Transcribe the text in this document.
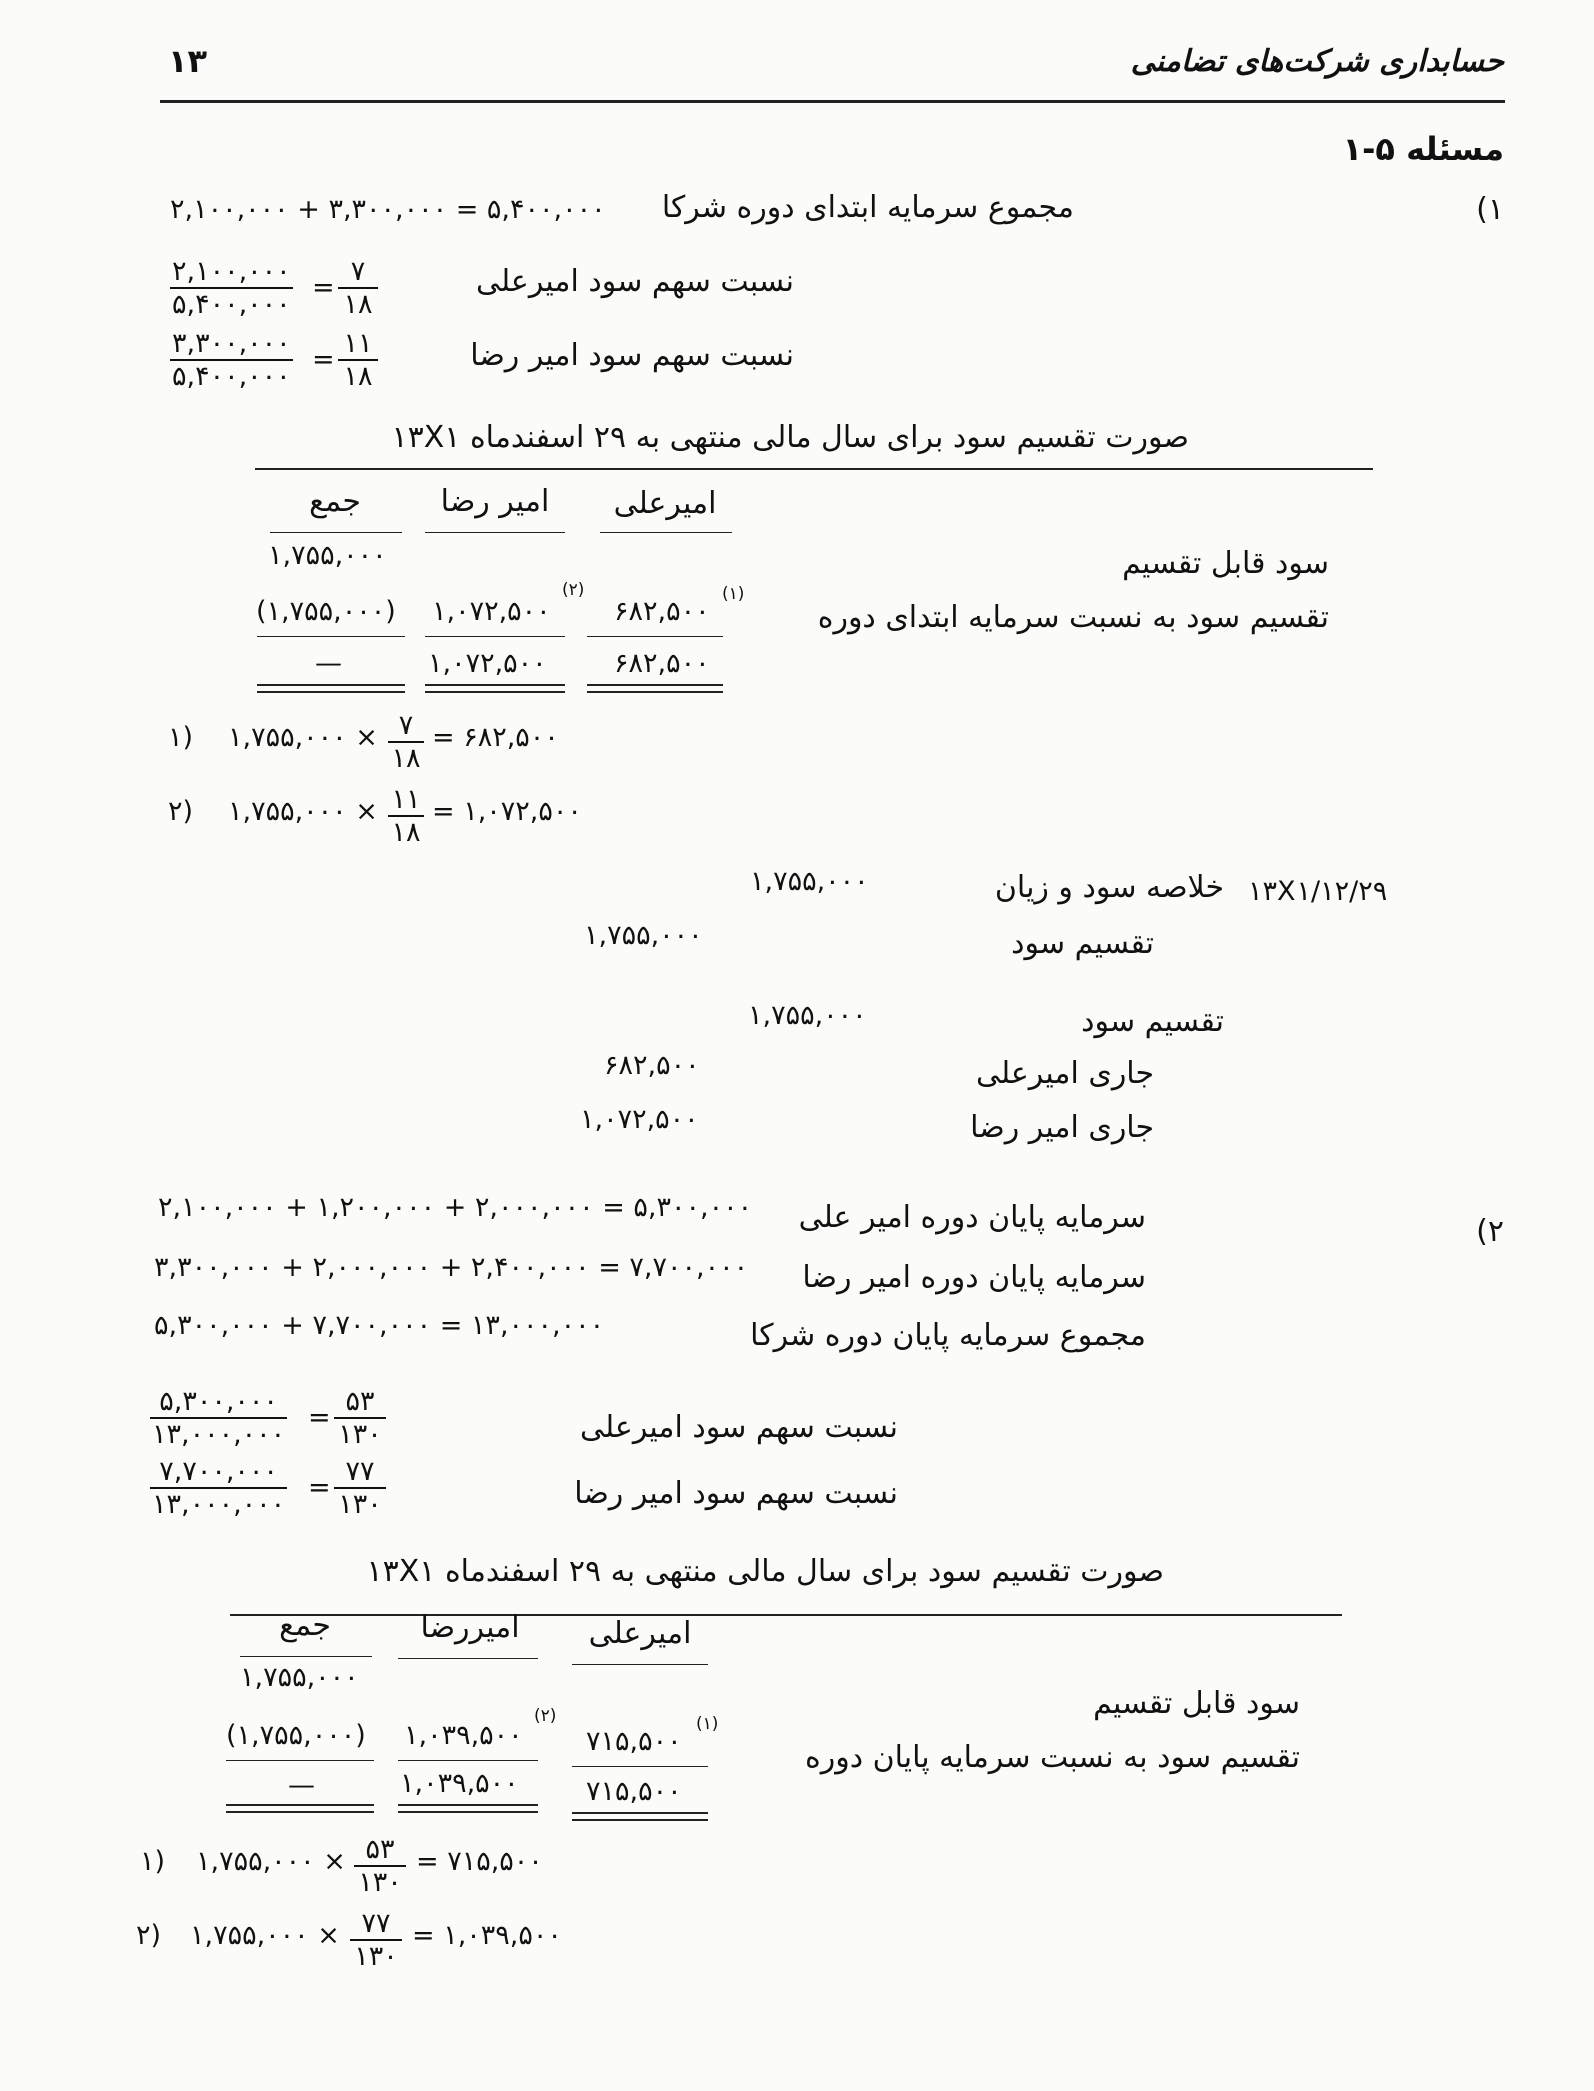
۱۳	حسابداری شرکت‌های تضامنی
مسئله ۵-۱
۱)
مجموع سرمایه ابتدای دوره شرکا
۲,۱۰۰,۰۰۰ + ۳,۳۰۰,۰۰۰ = ۵,۴۰۰,۰۰۰
نسبت سهم سود امیرعلی
۲,۱۰۰,۰۰۰
۵,۴۰۰,۰۰۰
=
۷
۱۸
نسبت سهم سود امیر رضا
۳,۳۰۰,۰۰۰
۵,۴۰۰,۰۰۰
=
۱۱
۱۸
صورت تقسیم سود برای سال مالی منتهی به ۲۹ اسفندماه ۱۳X۱
امیرعلی
امیر رضا
جمع
سود قابل تقسیم
۱,۷۵۵,۰۰۰
تقسیم سود به نسبت سرمایه ابتدای دوره
۶۸۲,۵۰۰
(۱)
۱,۰۷۲,۵۰۰
(۲)
(۱,۷۵۵,۰۰۰)
۶۸۲,۵۰۰
۱,۰۷۲,۵۰۰
—
۱) ۱,۷۵۵,۰۰۰ × ۷
۱۸
= ۶۸۲,۵۰۰
۲) ۱,۷۵۵,۰۰۰ × ۱۱
۱۸
= ۱,۰۷۲,۵۰۰
۱۳X۱/۱۲/۲۹
خلاصه سود و زیان
۱,۷۵۵,۰۰۰
تقسیم سود
۱,۷۵۵,۰۰۰
تقسیم سود
۱,۷۵۵,۰۰۰
جاری امیرعلی
۶۸۲,۵۰۰
جاری امیر رضا
۱,۰۷۲,۵۰۰
۲)
سرمایه پایان دوره امیر علی
۲,۱۰۰,۰۰۰ + ۱,۲۰۰,۰۰۰ + ۲,۰۰۰,۰۰۰ = ۵,۳۰۰,۰۰۰
سرمایه پایان دوره امیر رضا
۳,۳۰۰,۰۰۰ + ۲,۰۰۰,۰۰۰ + ۲,۴۰۰,۰۰۰ = ۷,۷۰۰,۰۰۰
مجموع سرمایه پایان دوره شرکا
۵,۳۰۰,۰۰۰ + ۷,۷۰۰,۰۰۰ = ۱۳,۰۰۰,۰۰۰
نسبت سهم سود امیرعلی
۵,۳۰۰,۰۰۰
۱۳,۰۰۰,۰۰۰
=
۵۳
۱۳۰
نسبت سهم سود امیر رضا
۷,۷۰۰,۰۰۰
۱۳,۰۰۰,۰۰۰
=
۷۷
۱۳۰
صورت تقسیم سود برای سال مالی منتهی به ۲۹ اسفندماه ۱۳X۱
امیرعلی
امیررضا
جمع
۱,۷۵۵,۰۰۰
سود قابل تقسیم
تقسیم سود به نسبت سرمایه پایان دوره
۷۱۵,۵۰۰
(۱)
۱,۰۳۹,۵۰۰
(۲)
(۱,۷۵۵,۰۰۰)
۷۱۵,۵۰۰
۱,۰۳۹,۵۰۰
—
۱) ۱,۷۵۵,۰۰۰ × ۵۳
۱۳۰
= ۷۱۵,۵۰۰
۲) ۱,۷۵۵,۰۰۰ × ۷۷
۱۳۰
= ۱,۰۳۹,۵۰۰
